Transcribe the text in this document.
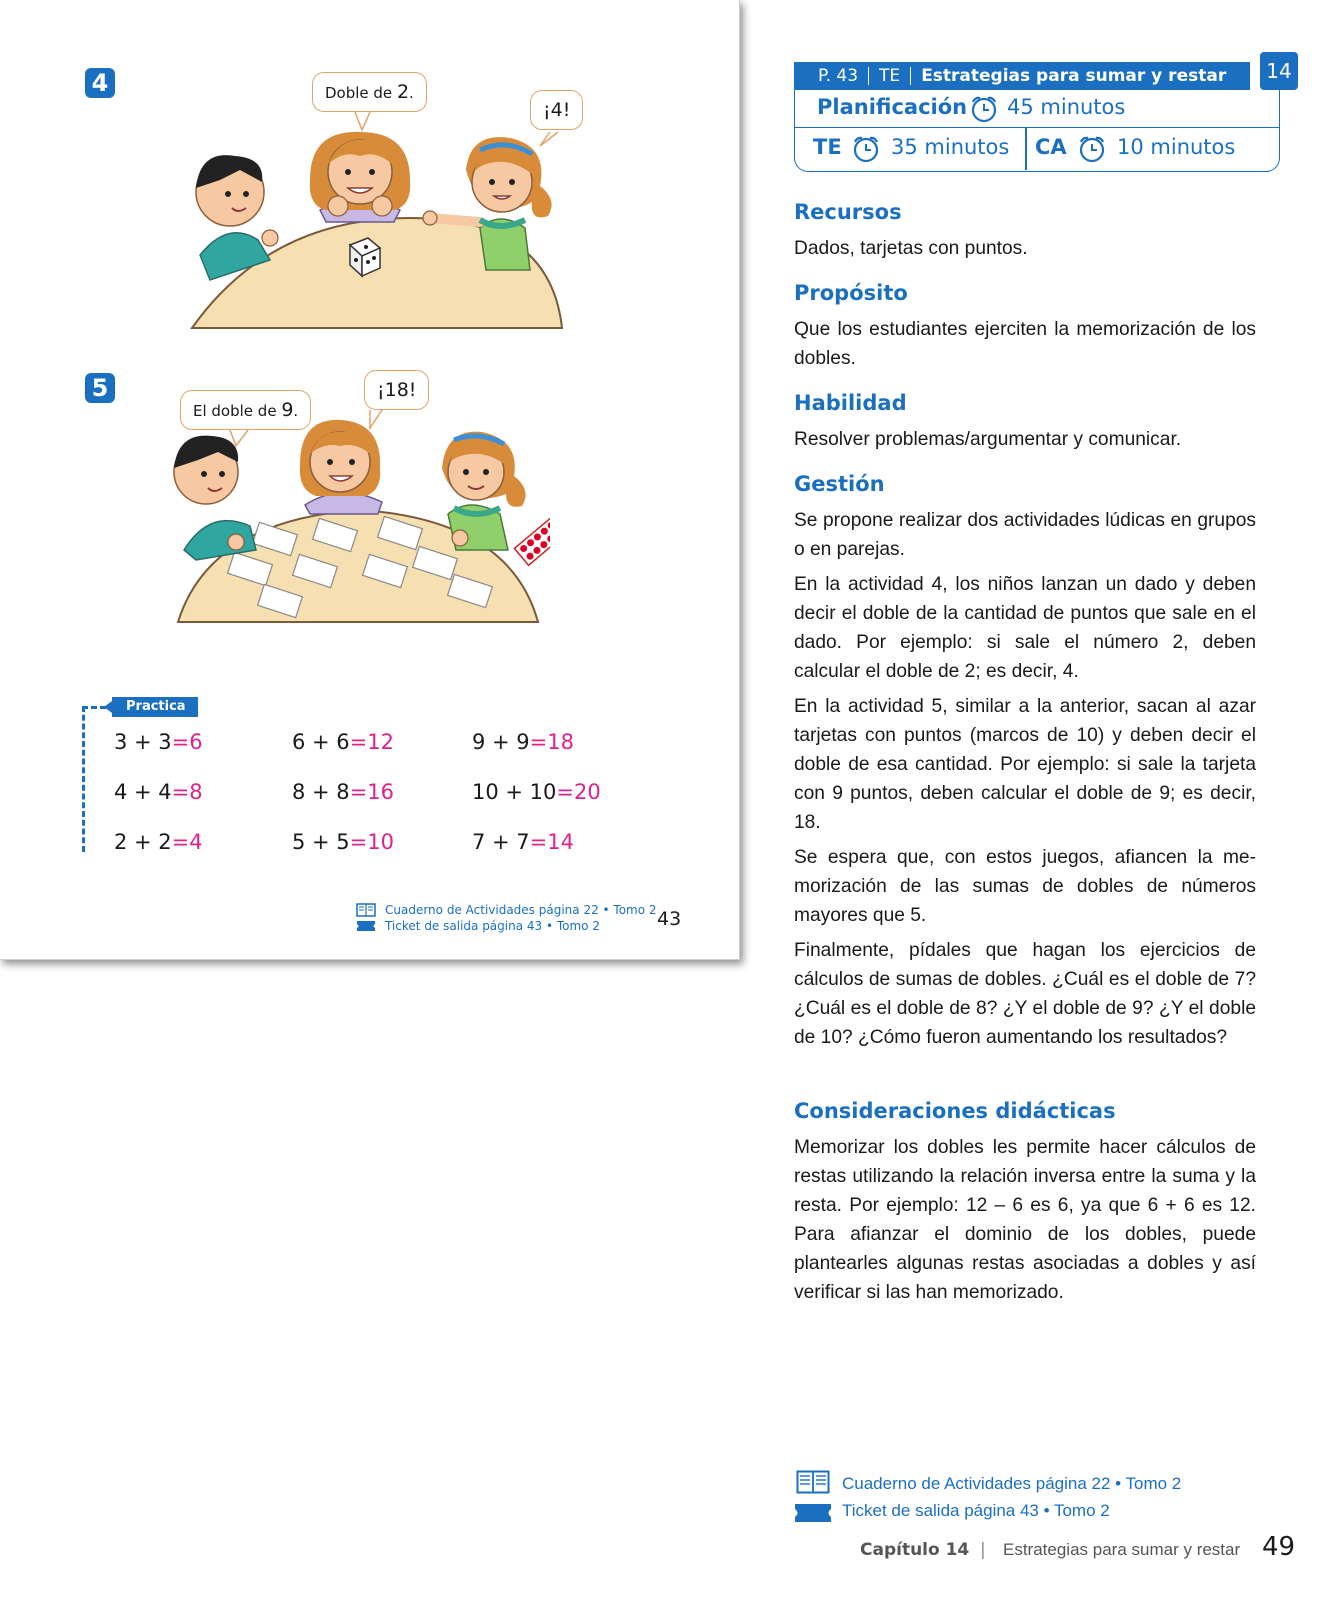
4	Doble de 2.
¡4!
5
El doble de 9.
¡18!
Practica
3 + 3=6
4 + 4=8
2 + 2=4
6 + 6=12
8 + 8=16
5 + 5=10
9 + 9=18
10 + 10=20
7 + 7=14
Cuaderno de Actividades página 22 • Tomo 2
Ticket de salida página 43 • Tomo 2	43
P. 43 TE Estrategias para sumar y restar
Planificación 45 minutos
TE 35 minutos CA 10 minutos
14
Recursos
Dados, tarjetas con puntos.
Propósito
Que los estudiantes ejerciten la memorización de los dobles.
Habilidad
Resolver problemas/argumentar y comunicar.
Gestión
Se propone realizar dos actividades lúdicas en grupos o en parejas.
En la actividad 4, los niños lanzan un dado y deben decir el doble de la cantidad de puntos que sale en el dado. Por ejemplo: si sale el número 2, deben calcular el doble de 2; es decir, 4.
En la actividad 5, similar a la anterior, sacan al azar tarjetas con puntos (marcos de 10) y deben decir el doble de esa cantidad. Por ejemplo: si sale la tarjeta con 9 puntos, deben calcular el doble de 9; es decir, 18.
Se espera que, con estos juegos, afiancen la memorización de las sumas de dobles de números mayores que 5.
Finalmente, pídales que hagan los ejercicios de cálculos de sumas de dobles. ¿Cuál es el doble de 7? ¿Cuál es el doble de 8? ¿Y el doble de 9? ¿Y el doble de 10? ¿Cómo fueron aumentando los resultados?
Consideraciones didácticas
Memorizar los dobles les permite hacer cálculos de restas utilizando la relación inversa entre la suma y la resta. Por ejemplo: 12 – 6 es 6, ya que 6 + 6 es 12. Para afianzar el dominio de los dobles, puede plantearles algunas restas asociadas a dobles y así verificar si las han memorizado.
Cuaderno de Actividades página 22 • Tomo 2
Ticket de salida página 43 • Tomo 2
Capítulo 14 | Estrategias para sumar y restar 49
